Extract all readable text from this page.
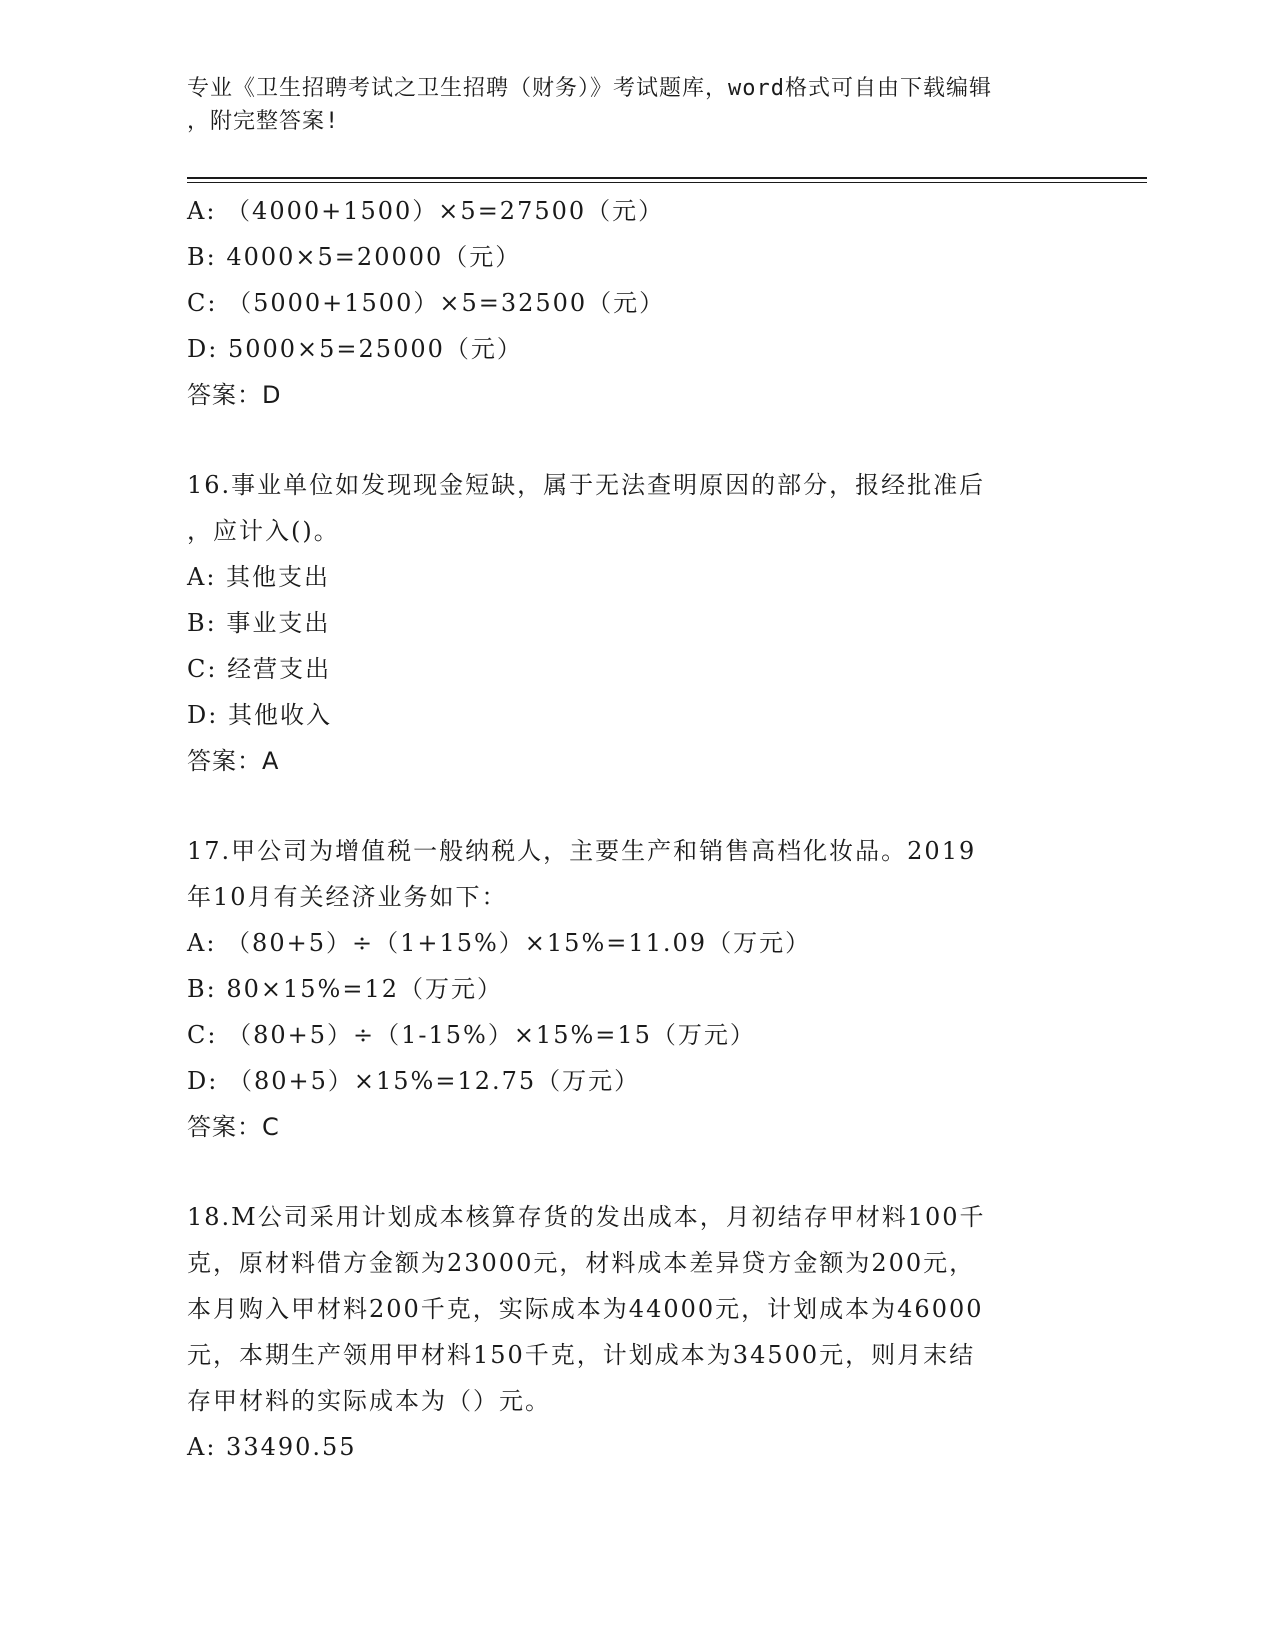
专业《卫生招聘考试之卫生招聘（财务）》考试题库，word格式可自由下载编辑
，附完整答案!
A: （4000+1500）×5=27500（元）
B: 4000×5=20000（元）
C: （5000+1500）×5=32500（元）
D: 5000×5=25000（元）
答案：D
16.事业单位如发现现金短缺，属于无法查明原因的部分，报经批准后
，应计入()。
A: 其他支出
B: 事业支出
C: 经营支出
D: 其他收入
答案：A
17.甲公司为增值税一般纳税人，主要生产和销售高档化妆品。2019
年10月有关经济业务如下：
A: （80+5）÷（1+15%）×15%=11.09（万元）
B: 80×15%=12（万元）
C: （80+5）÷（1-15%）×15%=15（万元）
D: （80+5）×15%=12.75（万元）
答案：C
18.M公司采用计划成本核算存货的发出成本，月初结存甲材料100千
克，原材料借方金额为23000元，材料成本差异贷方金额为200元，
本月购入甲材料200千克，实际成本为44000元，计划成本为46000
元，本期生产领用甲材料150千克，计划成本为34500元，则月末结
存甲材料的实际成本为（）元。
A: 33490.55
